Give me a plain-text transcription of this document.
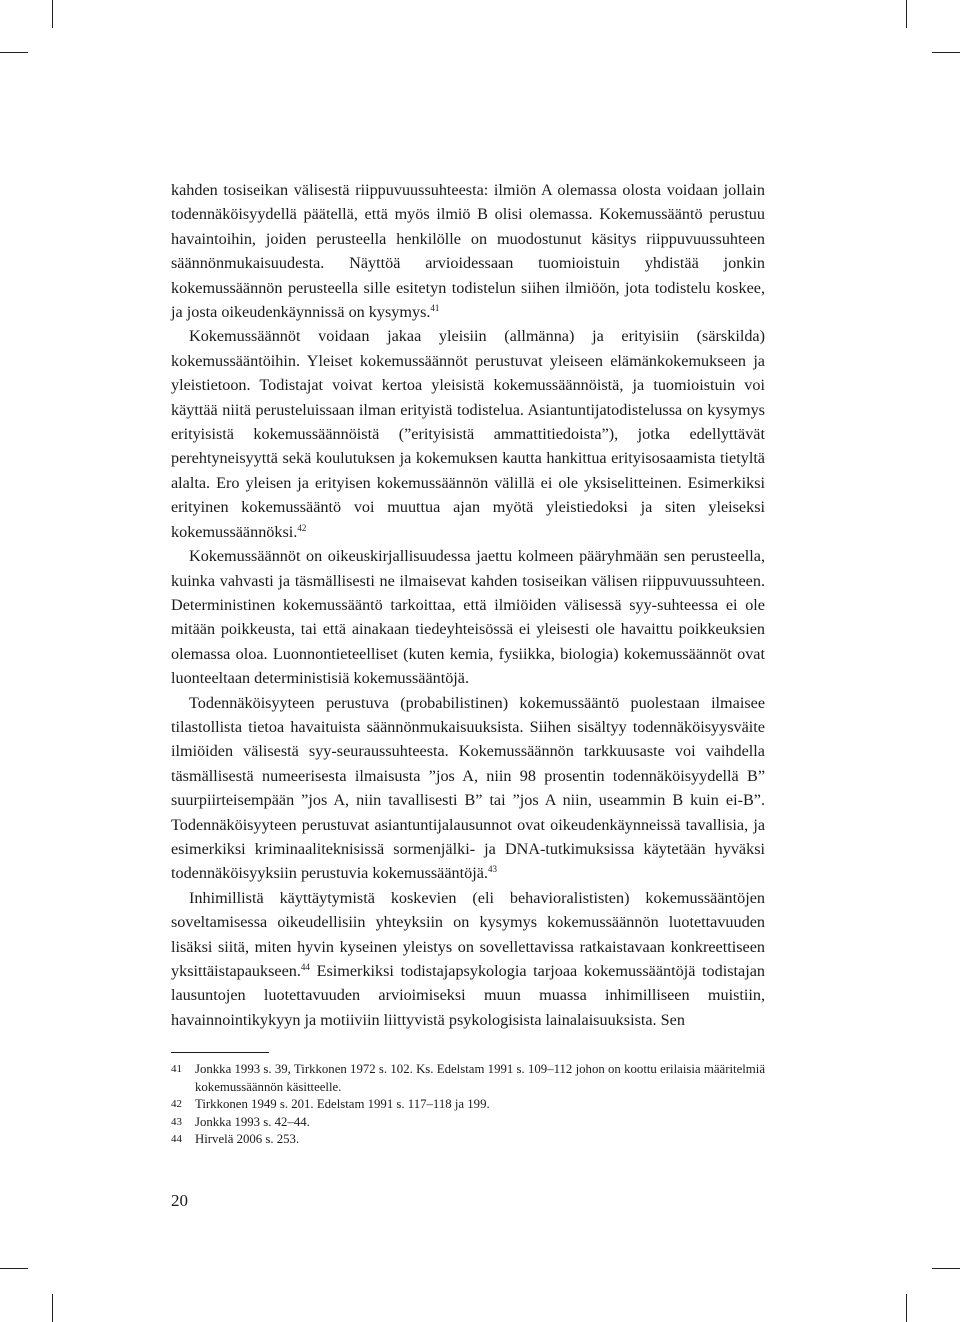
kahden tosiseikan välisestä riippuvuussuhteesta: ilmiön A olemassa olosta voidaan jollain todennäköisyydellä päätellä, että myös ilmiö B olisi olemassa. Kokemussääntö perustuu havaintoihin, joiden perusteella henkilölle on muodostunut käsitys riippuvuussuhteen säännönmukaisuudesta. Näyttöä arvioidessaan tuomioistuin yhdistää jonkin kokemussäännön perusteella sille esitetyn todistelun siihen ilmiöön, jota todistelu koskee, ja josta oikeudenkäynnissä on kysymys.$^{41}$

Kokemussäännöt voidaan jakaa yleisiin (allmänna) ja erityisiin (särskilda) kokemussääntöihin. Yleiset kokemussäännöt perustuvat yleiseen elämänkokemukseen ja yleistietoon. Todistajat voivat kertoa yleisistä kokemussäännöistä, ja tuomioistuin voi käyttää niitä perusteluissaan ilman erityistä todistelua. Asiantuntijatodistelussa on kysymys erityisistä kokemussäännöistä (”erityisistä ammattitiedoista”), jotka edellyttävät perehtyneisyyttä sekä koulutuksen ja kokemuksen kautta hankittua erityisosaamista tietyltä alalta. Ero yleisen ja erityisen kokemussäännön välillä ei ole yksiselitteinen. Esimerkiksi erityinen kokemussääntö voi muuttua ajan myötä yleistiedoksi ja siten yleiseksi kokemussäännöksi.$^{42}$

Kokemussäännöt on oikeuskirjallisuudessa jaettu kolmeen pääryhmään sen perusteella, kuinka vahvasti ja täsmällisesti ne ilmaisevat kahden tosiseikan välisen riippuvuussuhteen. Deterministinen kokemussääntö tarkoittaa, että ilmiöiden välisessä syy-suhteessa ei ole mitään poikkeusta, tai että ainakaan tiedeyhteisössä ei yleisesti ole havaittu poikkeuksien olemassa oloa. Luonnontieteelliset (kuten kemia, fysiikka, biologia) kokemussäännöt ovat luonteeltaan deterministisiä kokemussääntöjä.

Todennäköisyyteen perustuva (probabilistinen) kokemussääntö puolestaan ilmaisee tilastollista tietoa havaituista säännönmukaisuuksista. Siihen sisältyy todennäköisyysväite ilmiöiden välisestä syy-seuraussuhteesta. Kokemussäännön tarkkuusaste voi vaihdella täsmällisestä numeerisesta ilmaisusta ”jos A, niin 98 prosentin todennäköisyydellä B” suurpiirteisempään ”jos A, niin tavallisesti B” tai ”jos A niin, useammin B kuin ei-B”. Todennäköisyyteen perustuvat asiantuntijalausunnot ovat oikeudenkäynneissä tavallisia, ja esimerkiksi kriminaaliteknisissä sormenjälki- ja DNA-tutkimuksissa käytetään hyväksi todennäköisyyksiin perustuvia kokemussääntöjä.$^{43}$

Inhimillistä käyttäytymistä koskevien (eli behavioralististen) kokemussääntöjen soveltamisessa oikeudellisiin yhteyksiin on kysymys kokemussäännön luotettavuuden lisäksi siitä, miten hyvin kyseinen yleistys on sovellettavissa ratkaistavaan konkreettiseen yksittäistapaukseen.$^{44}$ Esimerkiksi todistajapsykologia tarjoaa kokemussääntöjä todistajan lausuntojen luotettavuuden arvioimiseksi muun muassa inhimilliseen muistiin, havainnointikykyyn ja motiiviin liittyvistä psykologisista lainalaisuuksista. Sen

41 Jonkka 1993 s. 39, Tirkkonen 1972 s. 102. Ks. Edelstam 1991 s. 109–112 johon on koottu erilaisia määritelmiä kokemussäännön käsitteelle.
42 Tirkkonen 1949 s. 201. Edelstam 1991 s. 117–118 ja 199.
43 Jonkka 1993 s. 42–44.
44 Hirvelä 2006 s. 253.
20
